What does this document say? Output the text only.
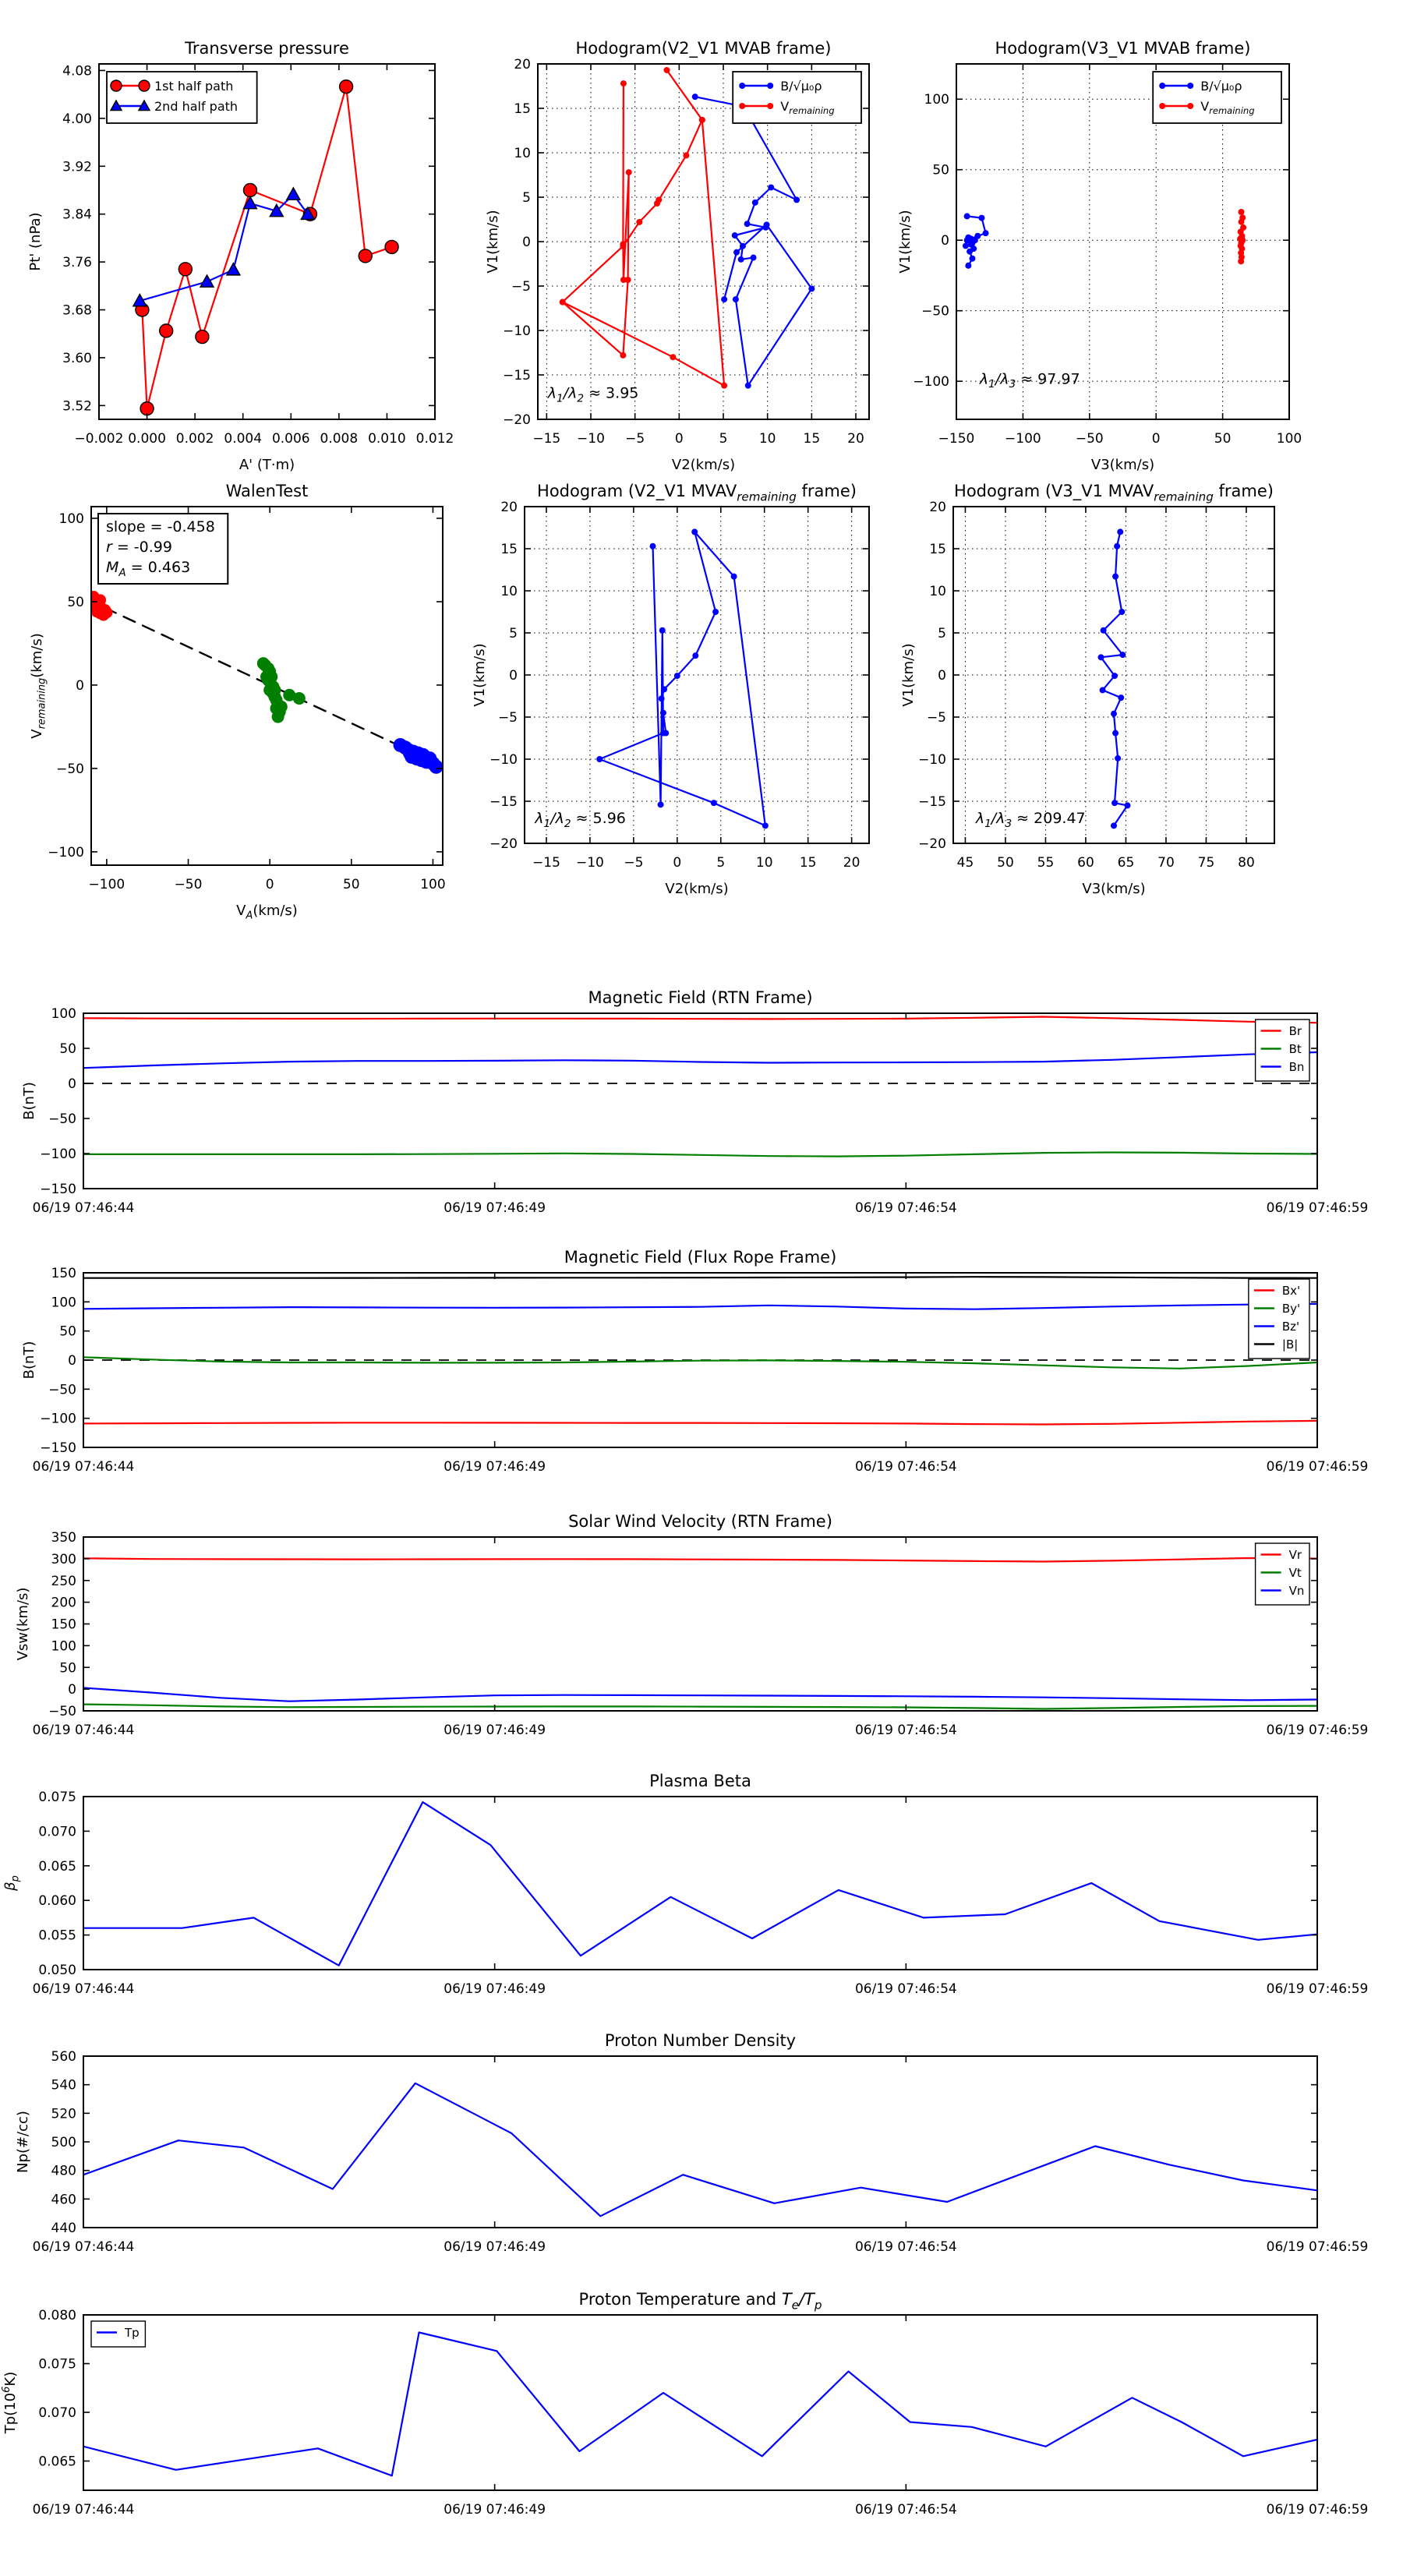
−0.002 0.000 0.002 0.004 0.006 0.008 0.010 0.012
3.52
3.60
3.68
3.76
3.84
3.92
4.00
4.08
Transverse pressure
A' (T·m)
Pt' (nPa)
1st half path
2nd half path
−15 −10 −5 0	5 10 15 20
−20
−15
−10
−5
0
5
10
15
20
Hodogram(V2_V1 MVAB frame)
V2(km/s)
V1(km/s)
$\lambda_1/\lambda_2 \approx 3.95$
B/√μ₀ρ
$V_{remaining}$
−150 −100	−50	0	50	100
−100
−50
0
50
100
Hodogram(V3_V1 MVAB frame)
V3(km/s)
V1(km/s)
$\lambda_1/\lambda_3 \approx 97.97$
B/√μ₀ρ
$V_{remaining}$
−100	−50	0	50	100
−100
−50
0
50
100
WalenTest
$V_A(km/s)$
$V_{remaining}(km/s)$
slope = -0.458
r = -0.99
$M_A = 0.463$
−15 −10 −5 0	5 10 15 20
−20
−15
−10
−5
0
5
10
15
20
Hodogram (V2_V1 $MVAV_{remaining}$ frame)
V2(km/s)
V1(km/s)
$\lambda_1/\lambda_2 \approx 5.96$
45 50 55 60 65 70 75 80
−20
−15
−10
−5
0
5
10
15
20
Hodogram (V3_V1 $MVAV_{remaining}$ frame)
V3(km/s)
V1(km/s)
$\lambda_1/\lambda_3 \approx 209.47$
06/19 07:46:44	06/19 07:46:49	06/19 07:46:54	06/19 07:46:59
−150
−100
−50
0
50
100
Magnetic Field (RTN Frame)
B(nT)
Br
Bt
Bn
06/19 07:46:44	06/19 07:46:49	06/19 07:46:54	06/19 07:46:59
−150
−100
−50
0
50
100
150
Magnetic Field (Flux Rope Frame)
B(nT)
Bx'
By'
Bz'
|B|
06/19 07:46:44	06/19 07:46:49	06/19 07:46:54	06/19 07:46:59
−50
0
50
100
150
200
250
300
350
Solar Wind Velocity (RTN Frame)
Vsw(km/s)
Vr
Vt
Vn
06/19 07:46:44	06/19 07:46:49	06/19 07:46:54	06/19 07:46:59
0.050
0.055
0.060
0.065
0.070
0.075
Plasma Beta
$\beta_p$
06/19 07:46:44	06/19 07:46:49	06/19 07:46:54	06/19 07:46:59
440
460
480
500
520
540
560
Proton Number Density
Np(#/cc)
06/19 07:46:44	06/19 07:46:49	06/19 07:46:54	06/19 07:46:59
0.065
0.070
0.075
0.080
Proton Temperature and $T_e/T_p$
$Tp(10^6K)$
Tp
